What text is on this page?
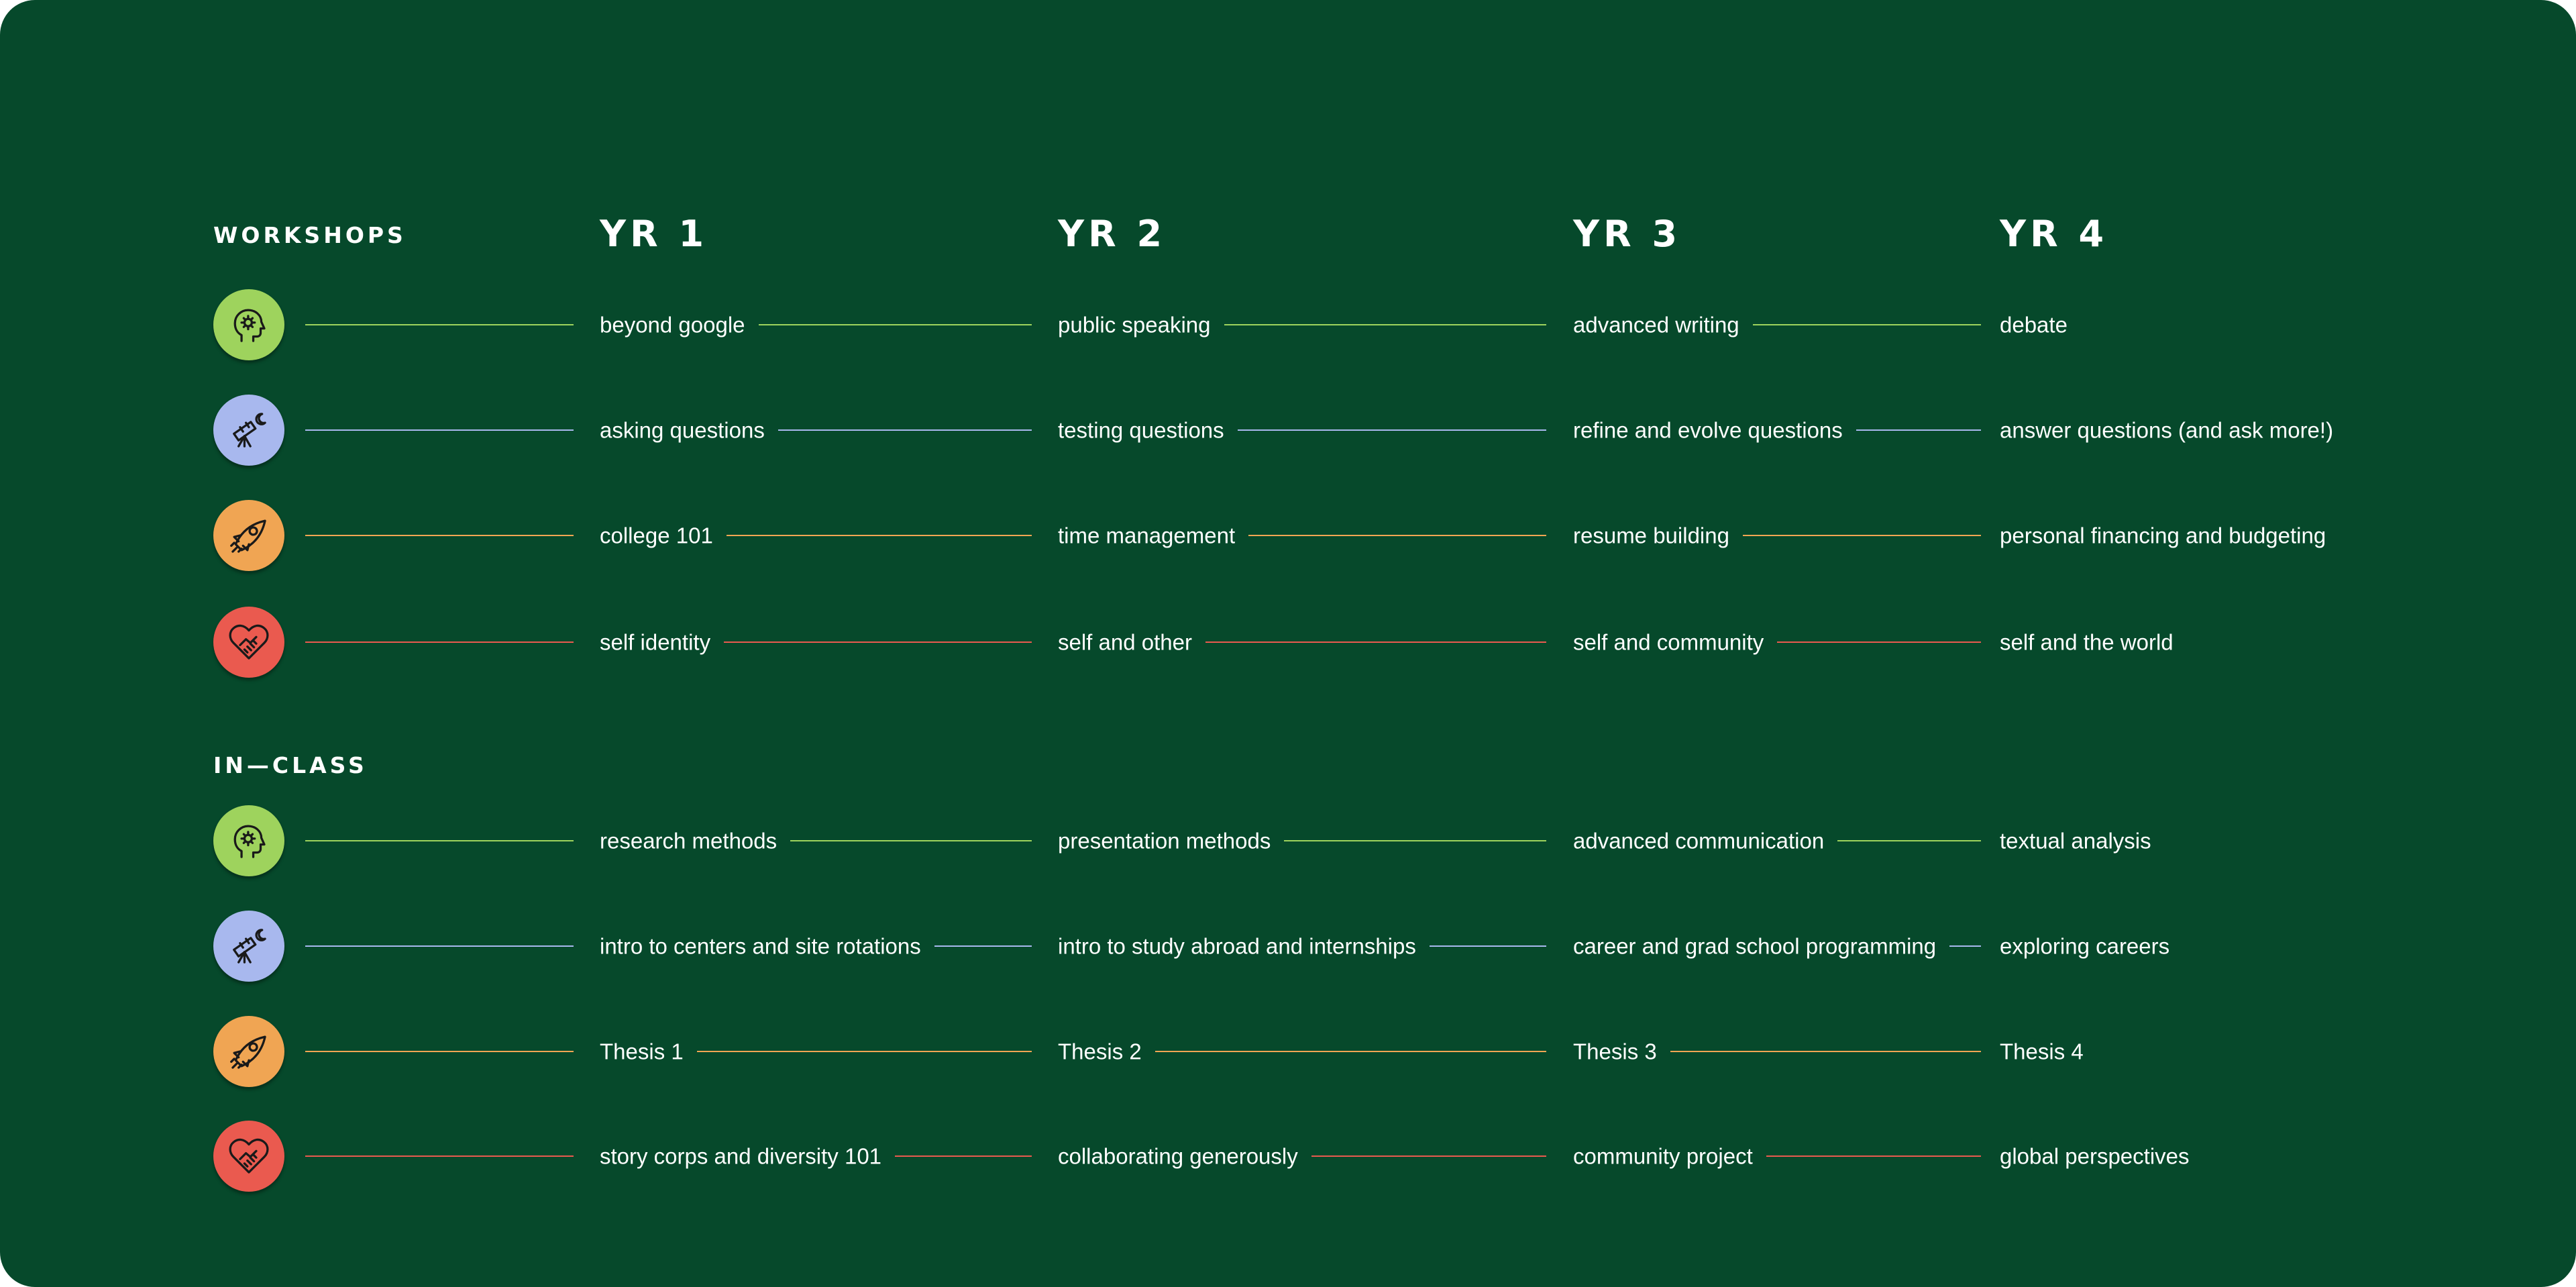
WORKSHOPS	YR 1	YR 2	YR 3	YR 4
beyond google	public speaking	advanced writing	debate
asking questions	testing questions	refine and evolve questions	answer questions (and ask more!)
college 101	time management	resume building	personal financing and budgeting
self identity	self and other	self and community	self and the world
IN—CLASS
research methods	presentation methods	advanced communication	textual analysis
intro to centers and site rotations	intro to study abroad and internships	career and grad school programming	exploring careers
Thesis 1	Thesis 2	Thesis 3	Thesis 4
story corps and diversity 101	collaborating generously	community project	global perspectives
